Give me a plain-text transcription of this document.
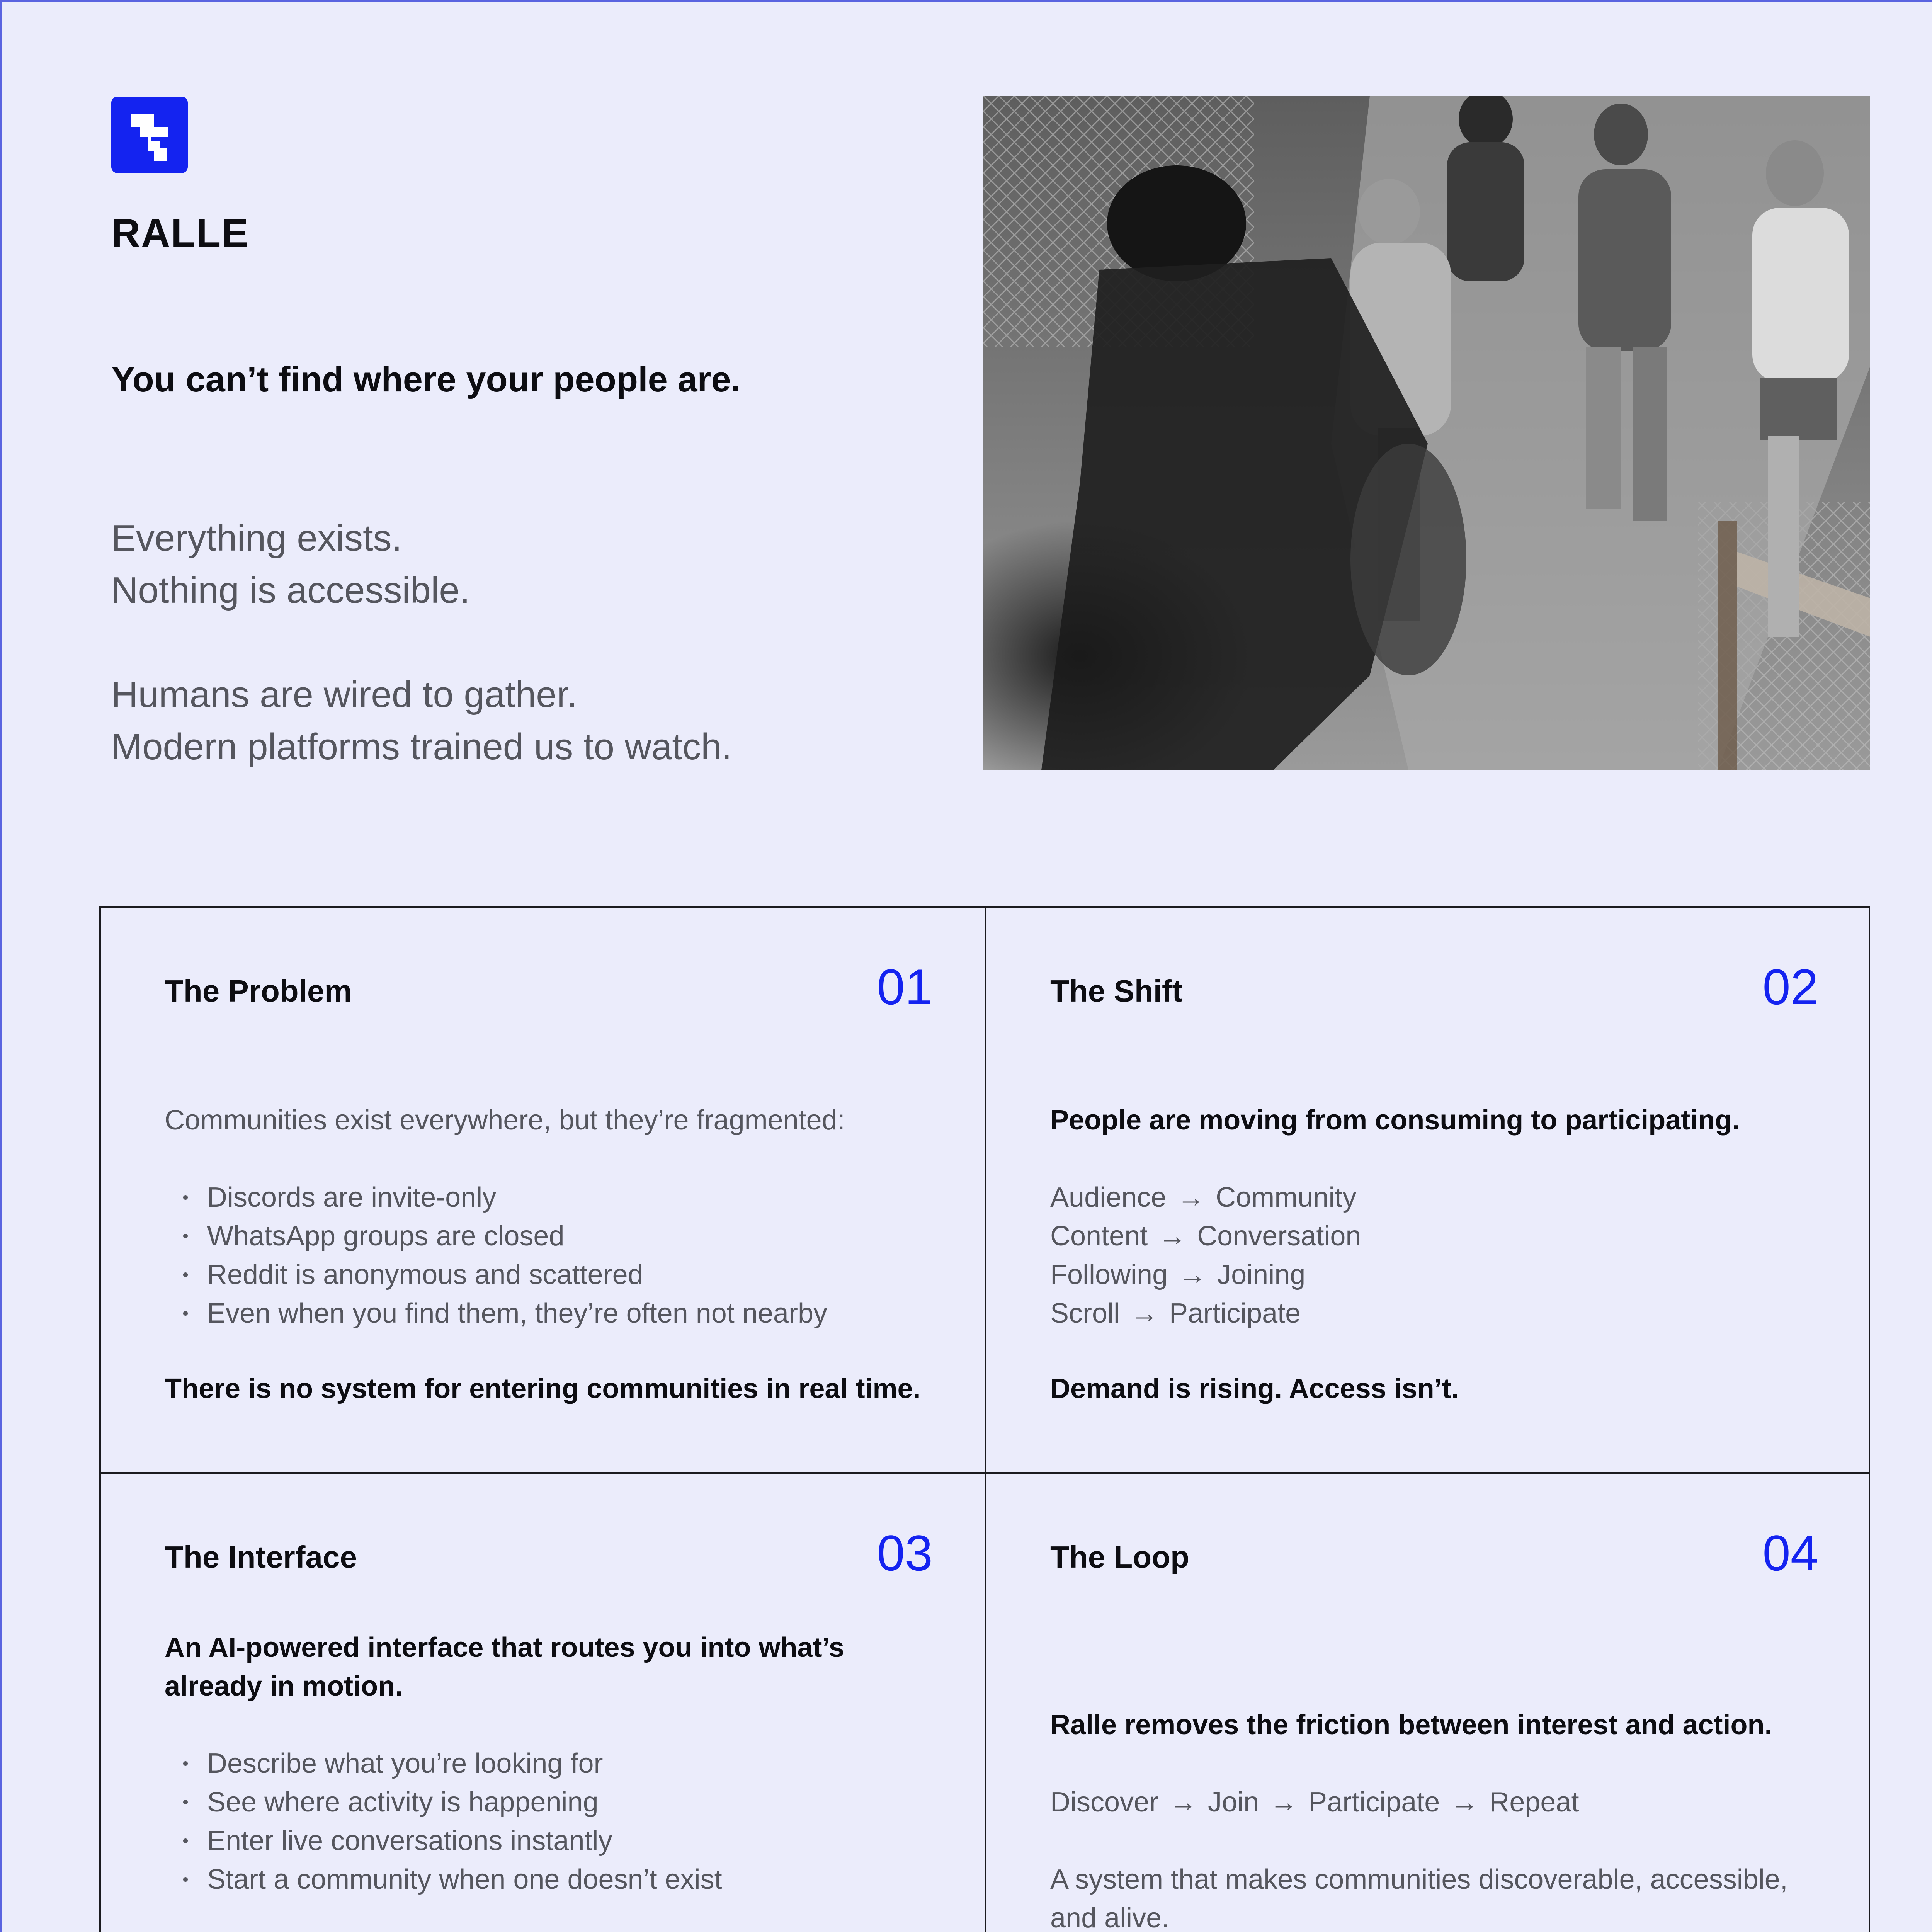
RALLE
You can’t find where your people are.

Everything exists.
Nothing is accessible.

Humans are wired to gather.
Modern platforms trained us to watch.

The Problem	01
Communities exist everywhere, but they’re fragmented:
Discords are invite-only
WhatsApp groups are closed
Reddit is anonymous and scattered
Even when you find them, they’re often not nearby
There is no system for entering communities in real time.
The Shift	02
People are moving from consuming to participating.
Audience → Community
Content → Conversation
Following → Joining
Scroll → Participate
Demand is rising. Access isn’t.
The Interface	03
An AI-powered interface that routes you into what’s
already in motion.
Describe what you’re looking for
See where activity is happening
Enter live conversations instantly
Start a community when one doesn’t exist
The Loop	04
Ralle removes the friction between interest and action.
Discover → Join → Participate → Repeat
A system that makes communities discoverable, accessible,
and alive.
